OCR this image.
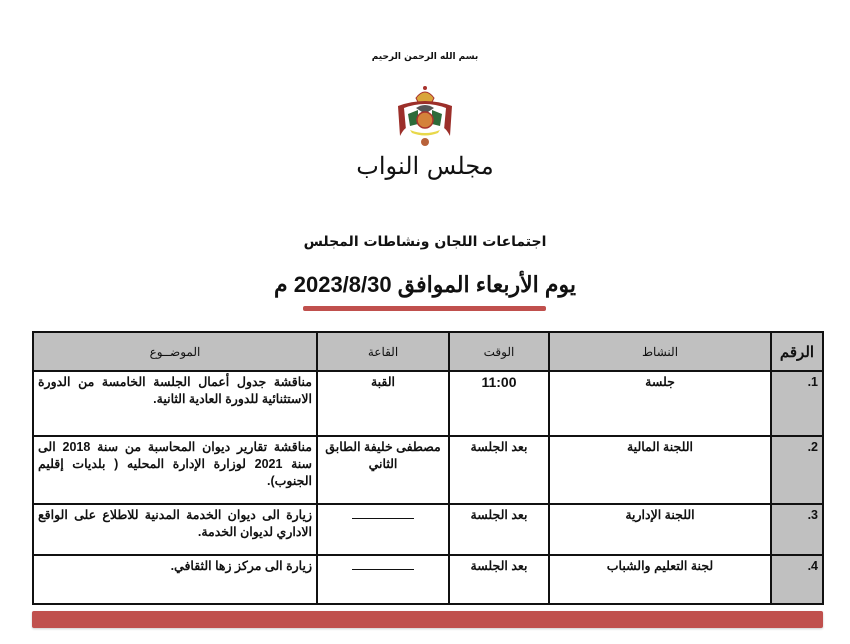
بسم الله الرحمن الرحيم
مجلس النواب
اجتماعات اللجان ونشاطات المجلس
يوم الأربعاء الموافق 2023/8/30 م
الرقم	النشاط	الوقت	القاعة	الموضــوع
1.	جلسة	11:00	القبة	مناقشة جدول أعمال الجلسة الخامسة من الدورة الاستثنائية للدورة العادية الثانية.
2.	اللجنة المالية	بعد الجلسة	مصطفى خليفة الطابق الثاني	مناقشة تقارير ديوان المحاسبة من سنة 2018 الى سنة 2021 لوزارة الإدارة المحليه ( بلديات إقليم الجنوب).
3.	اللجنة الإدارية	بعد الجلسة		زيارة الى ديوان الخدمة المدنية للاطلاع على الواقع الاداري لديوان الخدمة.
4.	لجنة التعليم والشباب	بعد الجلسة		زيارة الى مركز زها الثقافي.
